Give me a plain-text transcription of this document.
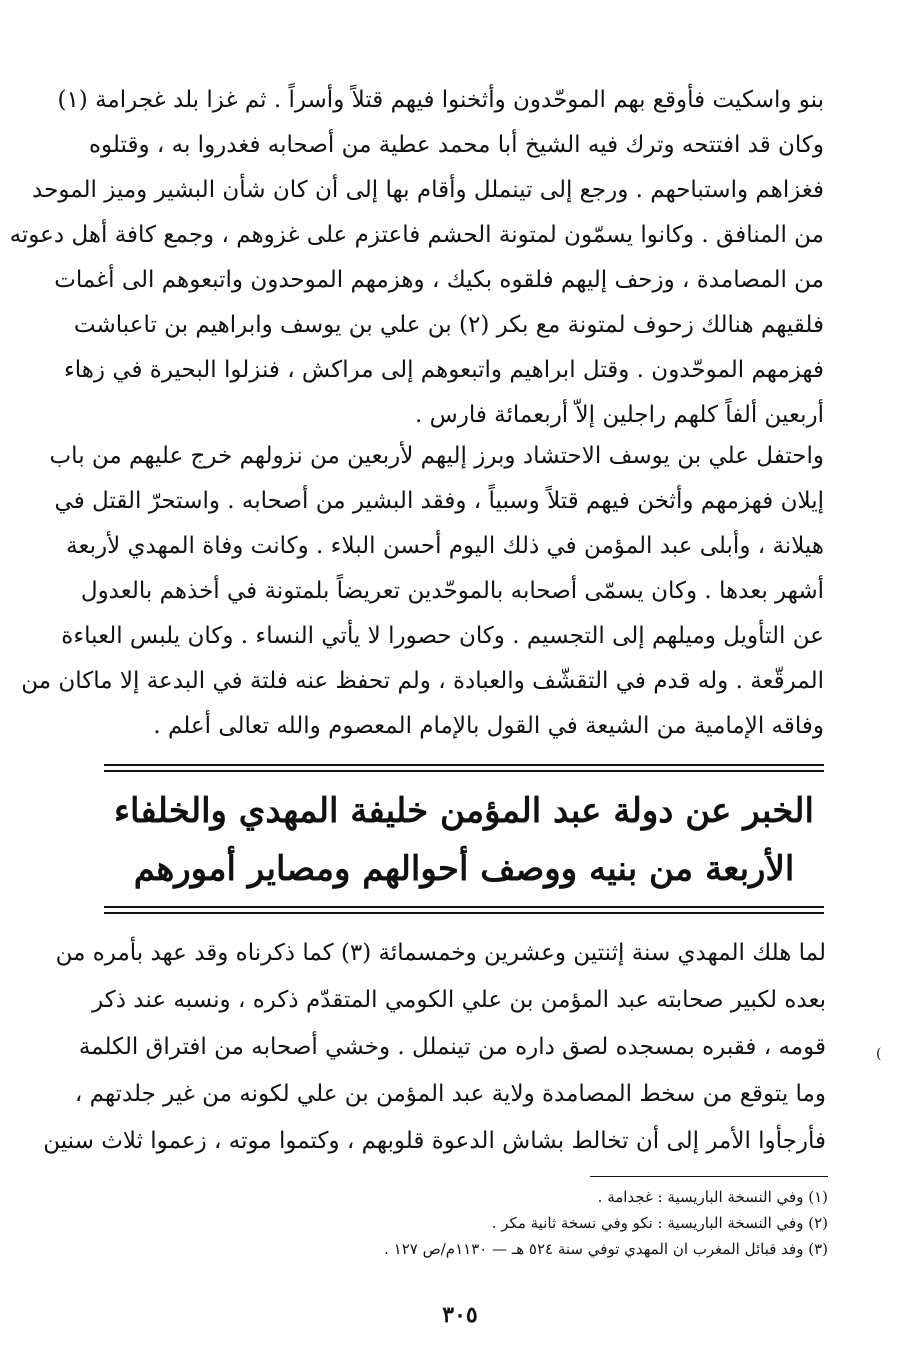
بنو واسكيت فأوقع بهم الموحّدون وأثخنوا فيهم قتلاً وأسراً . ثم غزا بلد غجرامة (١)
وكان قد افتتحه وترك فيه الشيخ أبا محمد عطية من أصحابه فغدروا به ، وقتلوه
فغزاهم واستباحهم . ورجع إلى تينملل وأقام بها إلى أن كان شأن البشير وميز الموحد
من المنافق . وكانوا يسمّون لمتونة الحشم فاعتزم على غزوهم ، وجمع كافة أهل دعوته
من المصامدة ، وزحف إليهم فلقوه بكيك ، وهزمهم الموحدون واتبعوهم الى أغمات
فلقيهم هنالك زحوف لمتونة مع بكر (٢) بن علي بن يوسف وابراهيم بن تاعباشت
فهزمهم الموحّدون . وقتل ابراهيم واتبعوهم إلى مراكش ، فنزلوا البحيرة في زهاء
أربعين ألفاً كلهم راجلين إلاّ أربعمائة فارس .
واحتفل علي بن يوسف الاحتشاد وبرز إليهم لأربعين من نزولهم خرج عليهم من باب
إيلان فهزمهم وأثخن فيهم قتلاً وسبياً ، وفقد البشير من أصحابه . واستحرّ القتل في
هيلانة ، وأبلى عبد المؤمن في ذلك اليوم أحسن البلاء . وكانت وفاة المهدي لأربعة
أشهر بعدها . وكان يسمّى أصحابه بالموحّدين تعريضاً بلمتونة في أخذهم بالعدول
عن التأويل وميلهم إلى التجسيم . وكان حصورا لا يأتي النساء . وكان يلبس العباءة
المرقّعة . وله قدم في التقشّف والعبادة ، ولم تحفظ عنه فلتة في البدعة إلا ماكان من
وفاقه الإمامية من الشيعة في القول بالإمام المعصوم والله تعالى أعلم .
الخبر عن دولة عبد المؤمن خليفة المهدي والخلفاء
الأربعة من بنيه ووصف أحوالهم ومصاير أمورهم
لما هلك المهدي سنة إثنتين وعشرين وخمسمائة (٣) كما ذكرناه وقد عهد بأمره من
بعده لكبير صحابته عبد المؤمن بن علي الكومي المتقدّم ذكره ، ونسبه عند ذكر
قومه ، فقبره بمسجده لصق داره من تينملل . وخشي أصحابه من افتراق الكلمة
وما يتوقع من سخط المصامدة ولاية عبد المؤمن بن علي لكونه من غير جلدتهم ،
فأرجأوا الأمر إلى أن تخالط بشاش الدعوة قلوبهم ، وكتموا موته ، زعموا ثلاث سنين
(
(١) وفي النسخة الباريسية : غجدامة .
(٢) وفي النسخة الباريسية : نكو وفي نسخة ثانية مكر .
(٣) وفد قبائل المغرب ان المهدي توفي سنة ٥٢٤ هـ — ١١٣٠م/ص ١٢٧ .
٣٠٥
